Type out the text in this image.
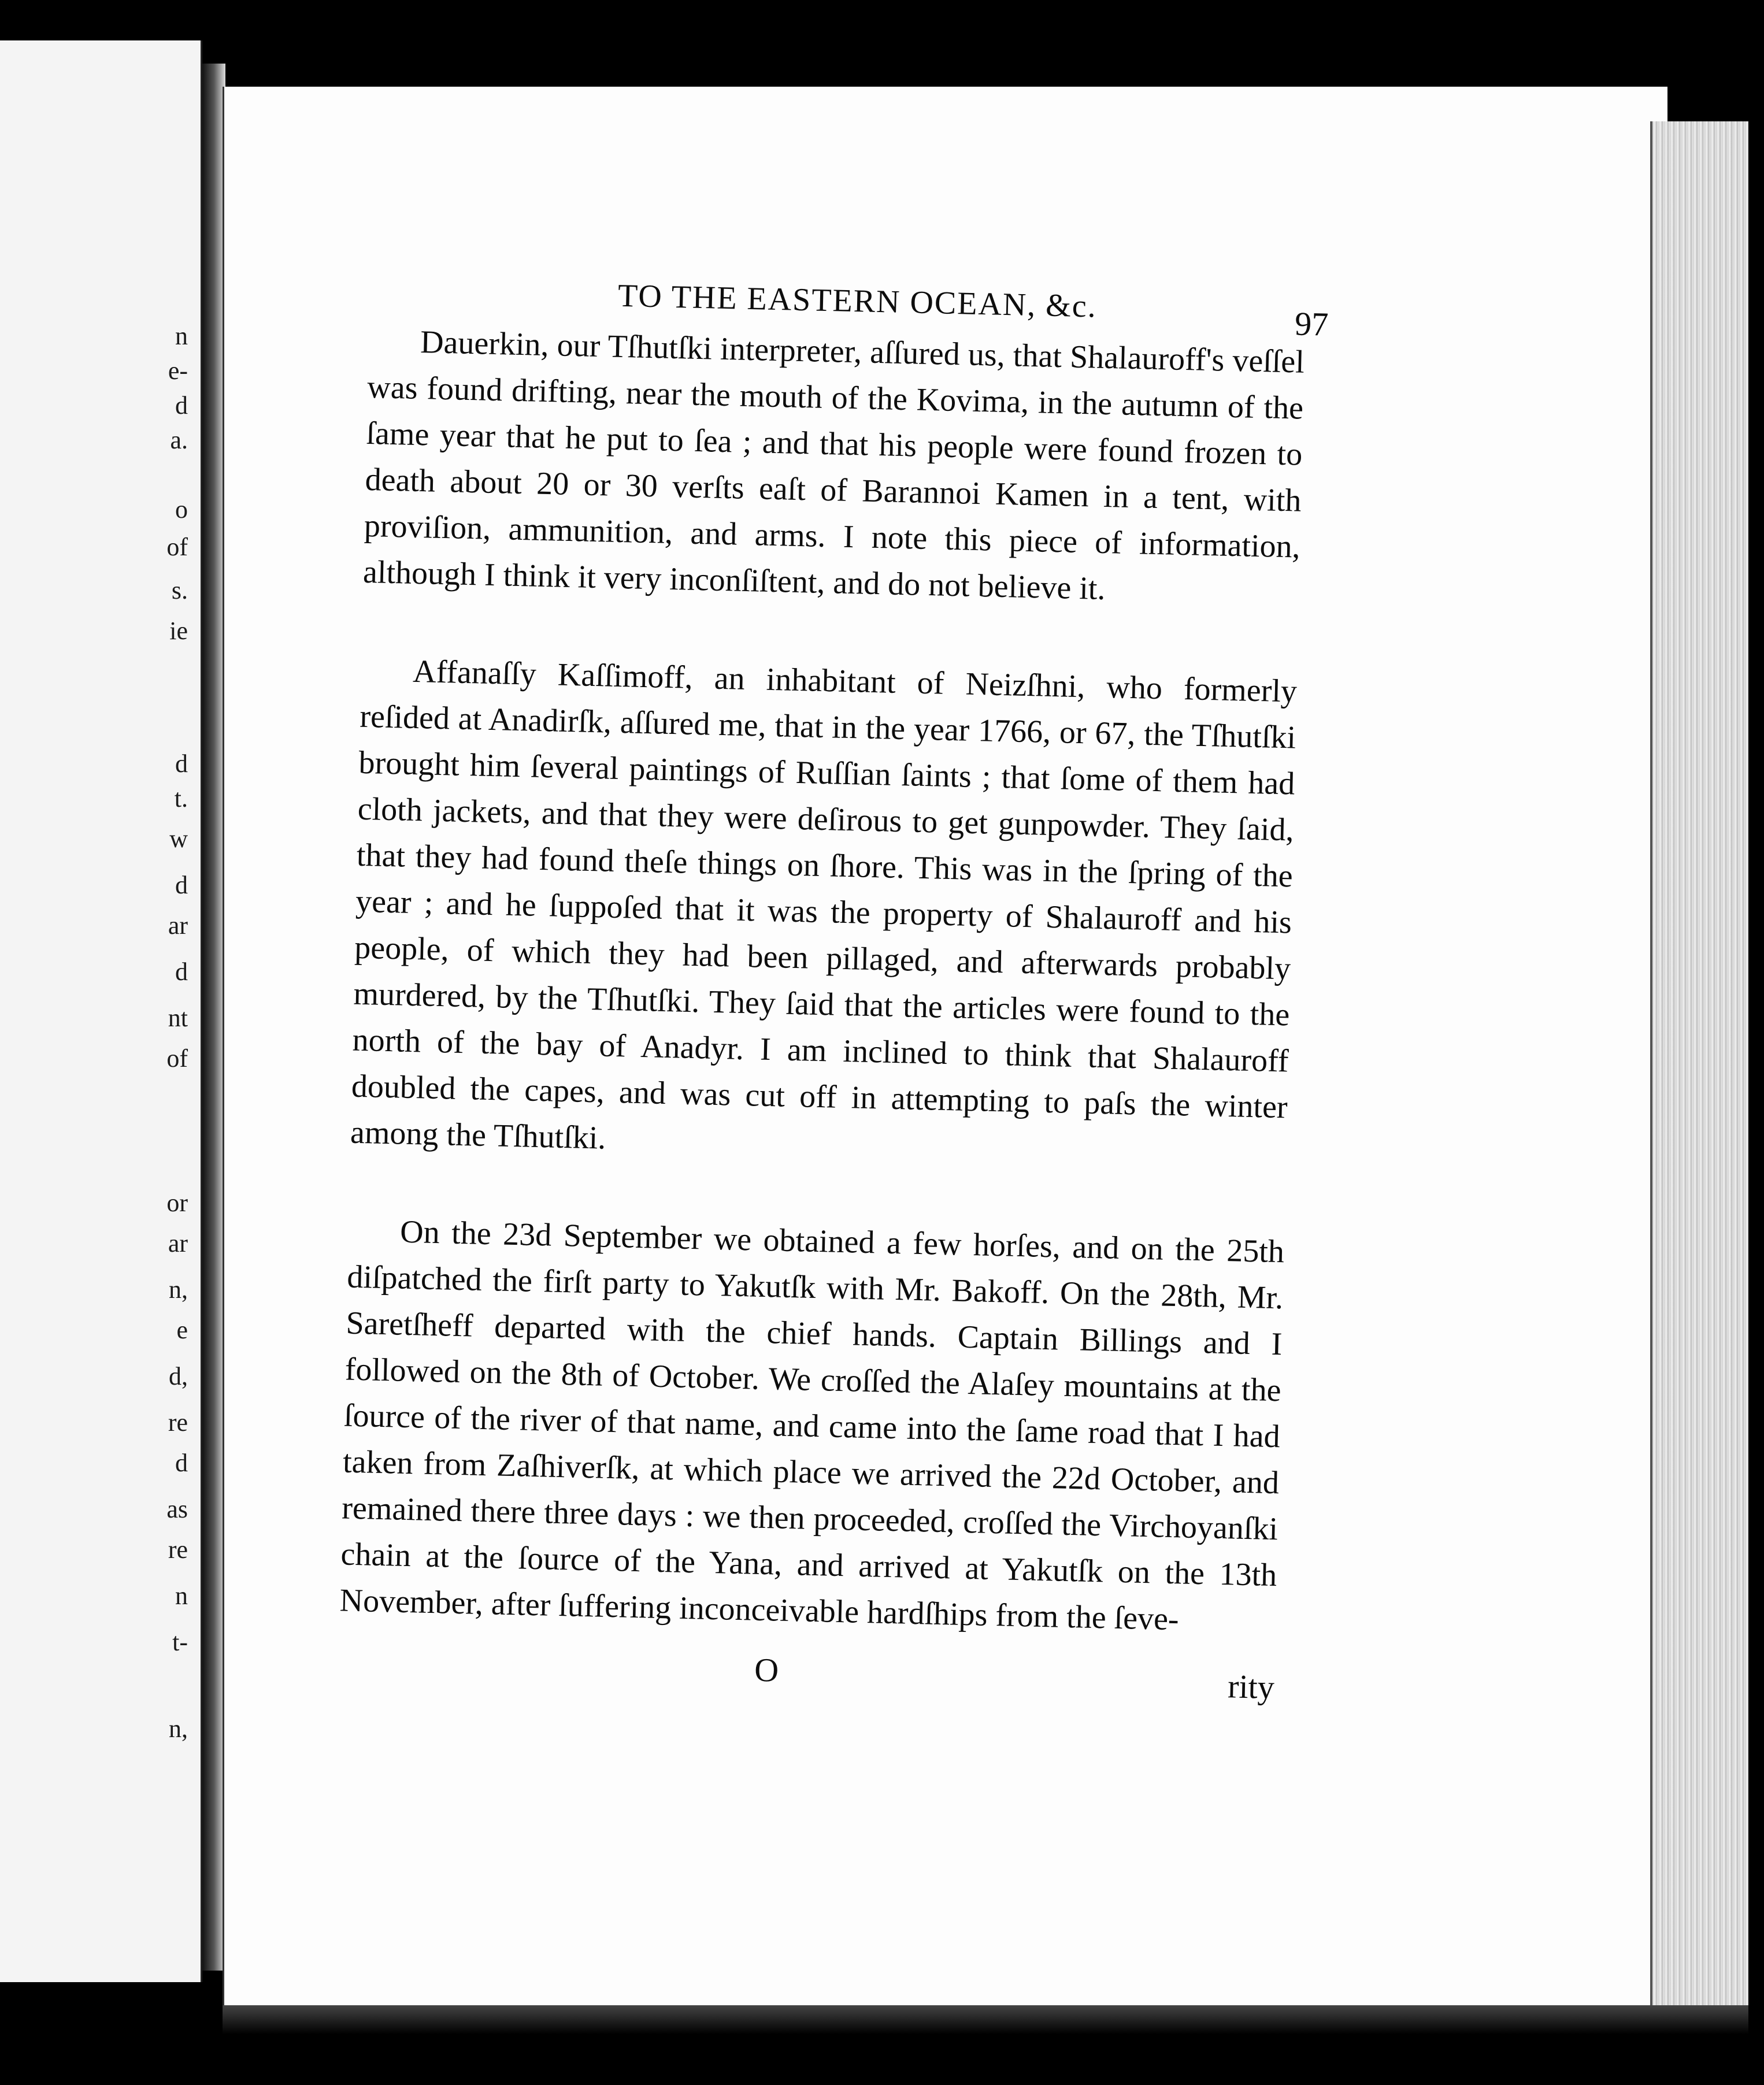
n
e-
d
a.
o
of
s.
ie
d
t.
w
d
ar
d
nt
of
or
ar
n,
e
d,
re
d
as
re
n
t-
n,
TO THE EASTERN OCEAN, &c.	97

Dauerkin, our Tſhutſki interpreter, aſſured us, that Shalauroff's veſſel was found drifting, near the mouth of the Kovima, in the autumn of the ſame year that he put to ſea ; and that his people were found frozen to death about 20 or 30 verſts eaſt of Barannoi Kamen in a tent, with proviſion, ammunition, and arms. I note this piece of information, although I think it very inconſiſtent, and do not believe it.

Affanaſſy Kaſſimoff, an inhabitant of Neizſhni, who formerly reſided at Anadirſk, aſſured me, that in the year 1766, or 67, the Tſhutſki brought him ſeveral paintings of Ruſſian ſaints ; that ſome of them had cloth jackets, and that they were deſirous to get gunpowder. They ſaid, that they had found theſe things on ſhore. This was in the ſpring of the year ; and he ſuppoſed that it was the property of Shalauroff and his people, of which they had been pillaged, and afterwards probably murdered, by the Tſhutſki. They ſaid that the articles were found to the north of the bay of Anadyr. I am inclined to think that Shalauroff doubled the capes, and was cut off in attempting to paſs the winter among the Tſhutſki.

On the 23d September we obtained a few horſes, and on the 25th diſpatched the firſt party to Yakutſk with Mr. Bakoff. On the 28th, Mr. Saretſheff departed with the chief hands. Captain Billings and I followed on the 8th of October. We croſſed the Alaſey mountains at the ſource of the river of that name, and came into the ſame road that I had taken from Zaſhiverſk, at which place we arrived the 22d October, and remained there three days : we then proceeded, croſſed the Virchoyanſki chain at the ſource of the Yana, and arrived at Yakutſk on the 13th November, after ſuffering inconceivable hardſhips from the ſeve-

O	rity
